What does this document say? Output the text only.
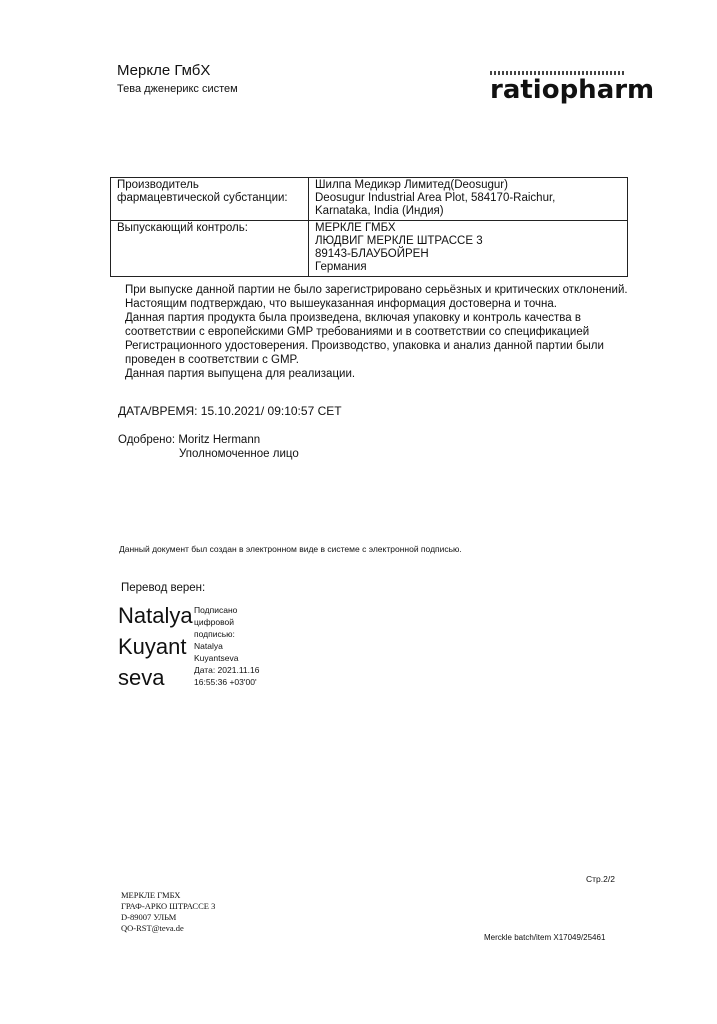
Меркле ГмбХ
Тева дженерикс систем	ratiopharm
Производитель
фармацевтической субстанции:	Шилпа Медикэр Лимитед(Deosugur)
Deosugur Industrial Area Plot, 584170-Raichur,
Karnataka, India (Индия)

Выпускающий контроль:	МЕРКЛЕ ГМБХ
ЛЮДВИГ МЕРКЛЕ ШТРАССЕ 3
89143-БЛАУБОЙРЕН
Германия
При выпуске данной партии не было зарегистрировано серьёзных и критических отклонений.
Настоящим подтверждаю, что вышеуказанная информация достоверна и точна.
Данная партия продукта была произведена, включая упаковку и контроль качества в
соответствии с европейскими GMP требованиями и в соответствии со спецификацией
Регистрационного удостоверения. Производство, упаковка и анализ данной партии были
проведен в соответствии с GMP.
Данная партия выпущена для реализации.
ДАТА/ВРЕМЯ: 15.10.2021/ 09:10:57 CET
Одобрено: Moritz Hermann
Уполномоченное лицо
Данный документ был создан в электронном виде в системе с электронной подписью.
Перевод верен:
Natalya
Kuyant
seva
Подписано
цифровой
подписью:
Natalya
Kuyantseva
Дата: 2021.11.16
16:55:36 +03'00'
Стр.2/2
МЕРКЛЕ ГМБХ
ГРАФ-АРКО ШТРАССЕ 3
D-89007 УЛЬМ
QO-RST@teva.de
Merckle batch/item X17049/25461
